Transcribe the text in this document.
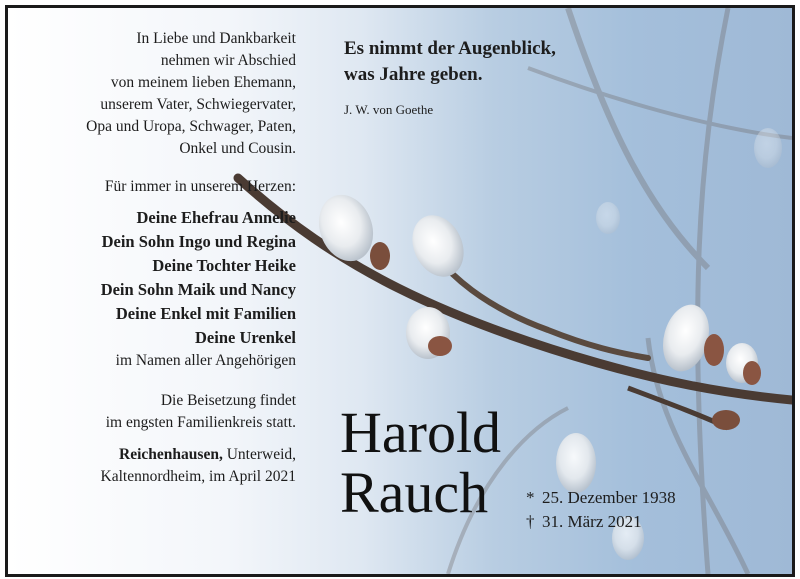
In Liebe und Dankbarkeit
nehmen wir Abschied
von meinem lieben Ehemann,
unserem Vater, Schwiegervater,
Opa und Uropa, Schwager, Paten,
Onkel und Cousin.
Für immer in unserem Herzen:
Deine Ehefrau Annelie
Dein Sohn Ingo und Regina
Deine Tochter Heike
Dein Sohn Maik und Nancy
Deine Enkel mit Familien
Deine Urenkel
im Namen aller Angehörigen
Die Beisetzung findet
im engsten Familienkreis statt.
Reichenhausen, Unterweid,
Kaltennordheim, im April 2021
Es nimmt der Augenblick,
was Jahre geben.
J. W. von Goethe
Harold
Rauch	* 25. Dezember 1938
† 31. März 2021
